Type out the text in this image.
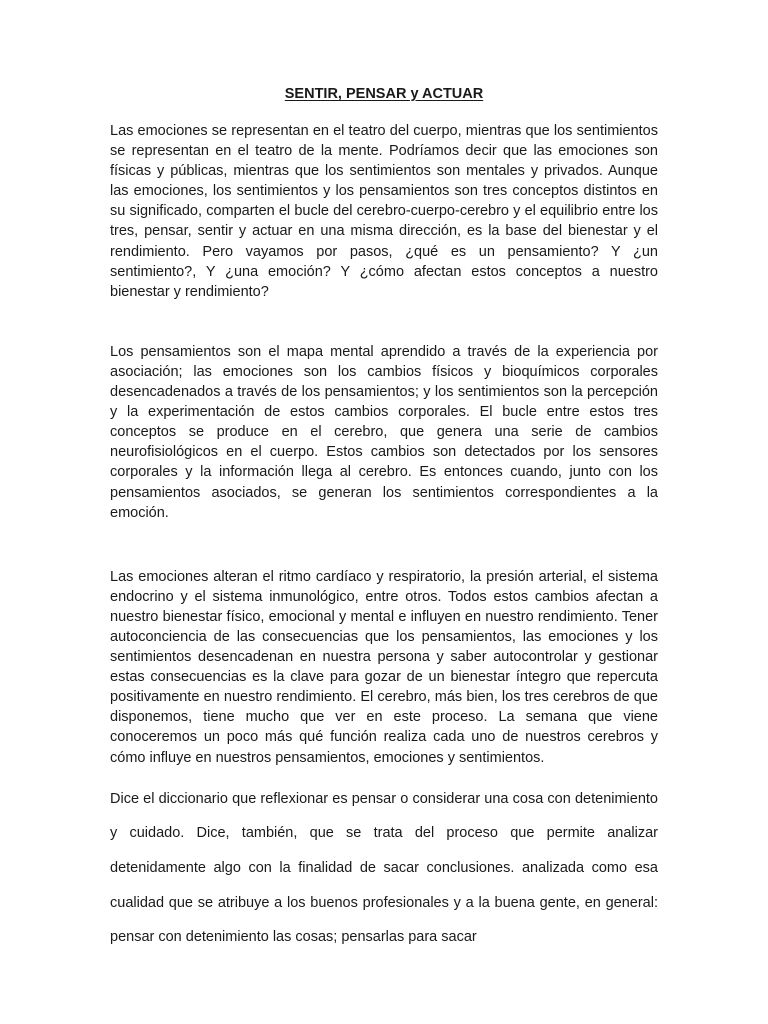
SENTIR, PENSAR y ACTUAR

Las emociones se representan en el teatro del cuerpo, mientras que los sentimientos se representan en el teatro de la mente. Podríamos decir que las emociones son físicas y públicas, mientras que los sentimientos son mentales y privados. Aunque las emociones, los sentimientos y los pensamientos son tres conceptos distintos en su significado, comparten el bucle del cerebro-cuerpo-cerebro y el equilibrio entre los tres, pensar, sentir y actuar en una misma dirección, es la base del bienestar y el rendimiento. Pero vayamos por pasos, ¿qué es un pensamiento? Y ¿un sentimiento?, Y ¿una emoción? Y ¿cómo afectan estos conceptos a nuestro bienestar y rendimiento?

Los pensamientos son el mapa mental aprendido a través de la experiencia por asociación; las emociones son los cambios físicos y bioquímicos corporales desencadenados a través de los pensamientos; y los sentimientos son la percepción y la experimentación de estos cambios corporales. El bucle entre estos tres conceptos se produce en el cerebro, que genera una serie de cambios neurofisiológicos en el cuerpo. Estos cambios son detectados por los sensores corporales y la información llega al cerebro. Es entonces cuando, junto con los pensamientos asociados, se generan los sentimientos correspondientes a la emoción.

Las emociones alteran el ritmo cardíaco y respiratorio, la presión arterial, el sistema endocrino y el sistema inmunológico, entre otros. Todos estos cambios afectan a nuestro bienestar físico, emocional y mental e influyen en nuestro rendimiento. Tener autoconciencia de las consecuencias que los pensamientos, las emociones y los sentimientos desencadenan en nuestra persona y saber autocontrolar y gestionar estas consecuencias es la clave para gozar de un bienestar íntegro que repercuta positivamente en nuestro rendimiento. El cerebro, más bien, los tres cerebros de que disponemos, tiene mucho que ver en este proceso. La semana que viene conoceremos un poco más qué función realiza cada uno de nuestros cerebros y cómo influye en nuestros pensamientos, emociones y sentimientos.

Dice el diccionario que reflexionar es pensar o considerar una cosa con detenimiento y cuidado. Dice, también, que se trata del proceso que permite analizar detenidamente algo con la finalidad de sacar conclusiones. analizada como esa cualidad que se atribuye a los buenos profesionales y a la buena gente, en general: pensar con detenimiento las cosas; pensarlas para sacar
